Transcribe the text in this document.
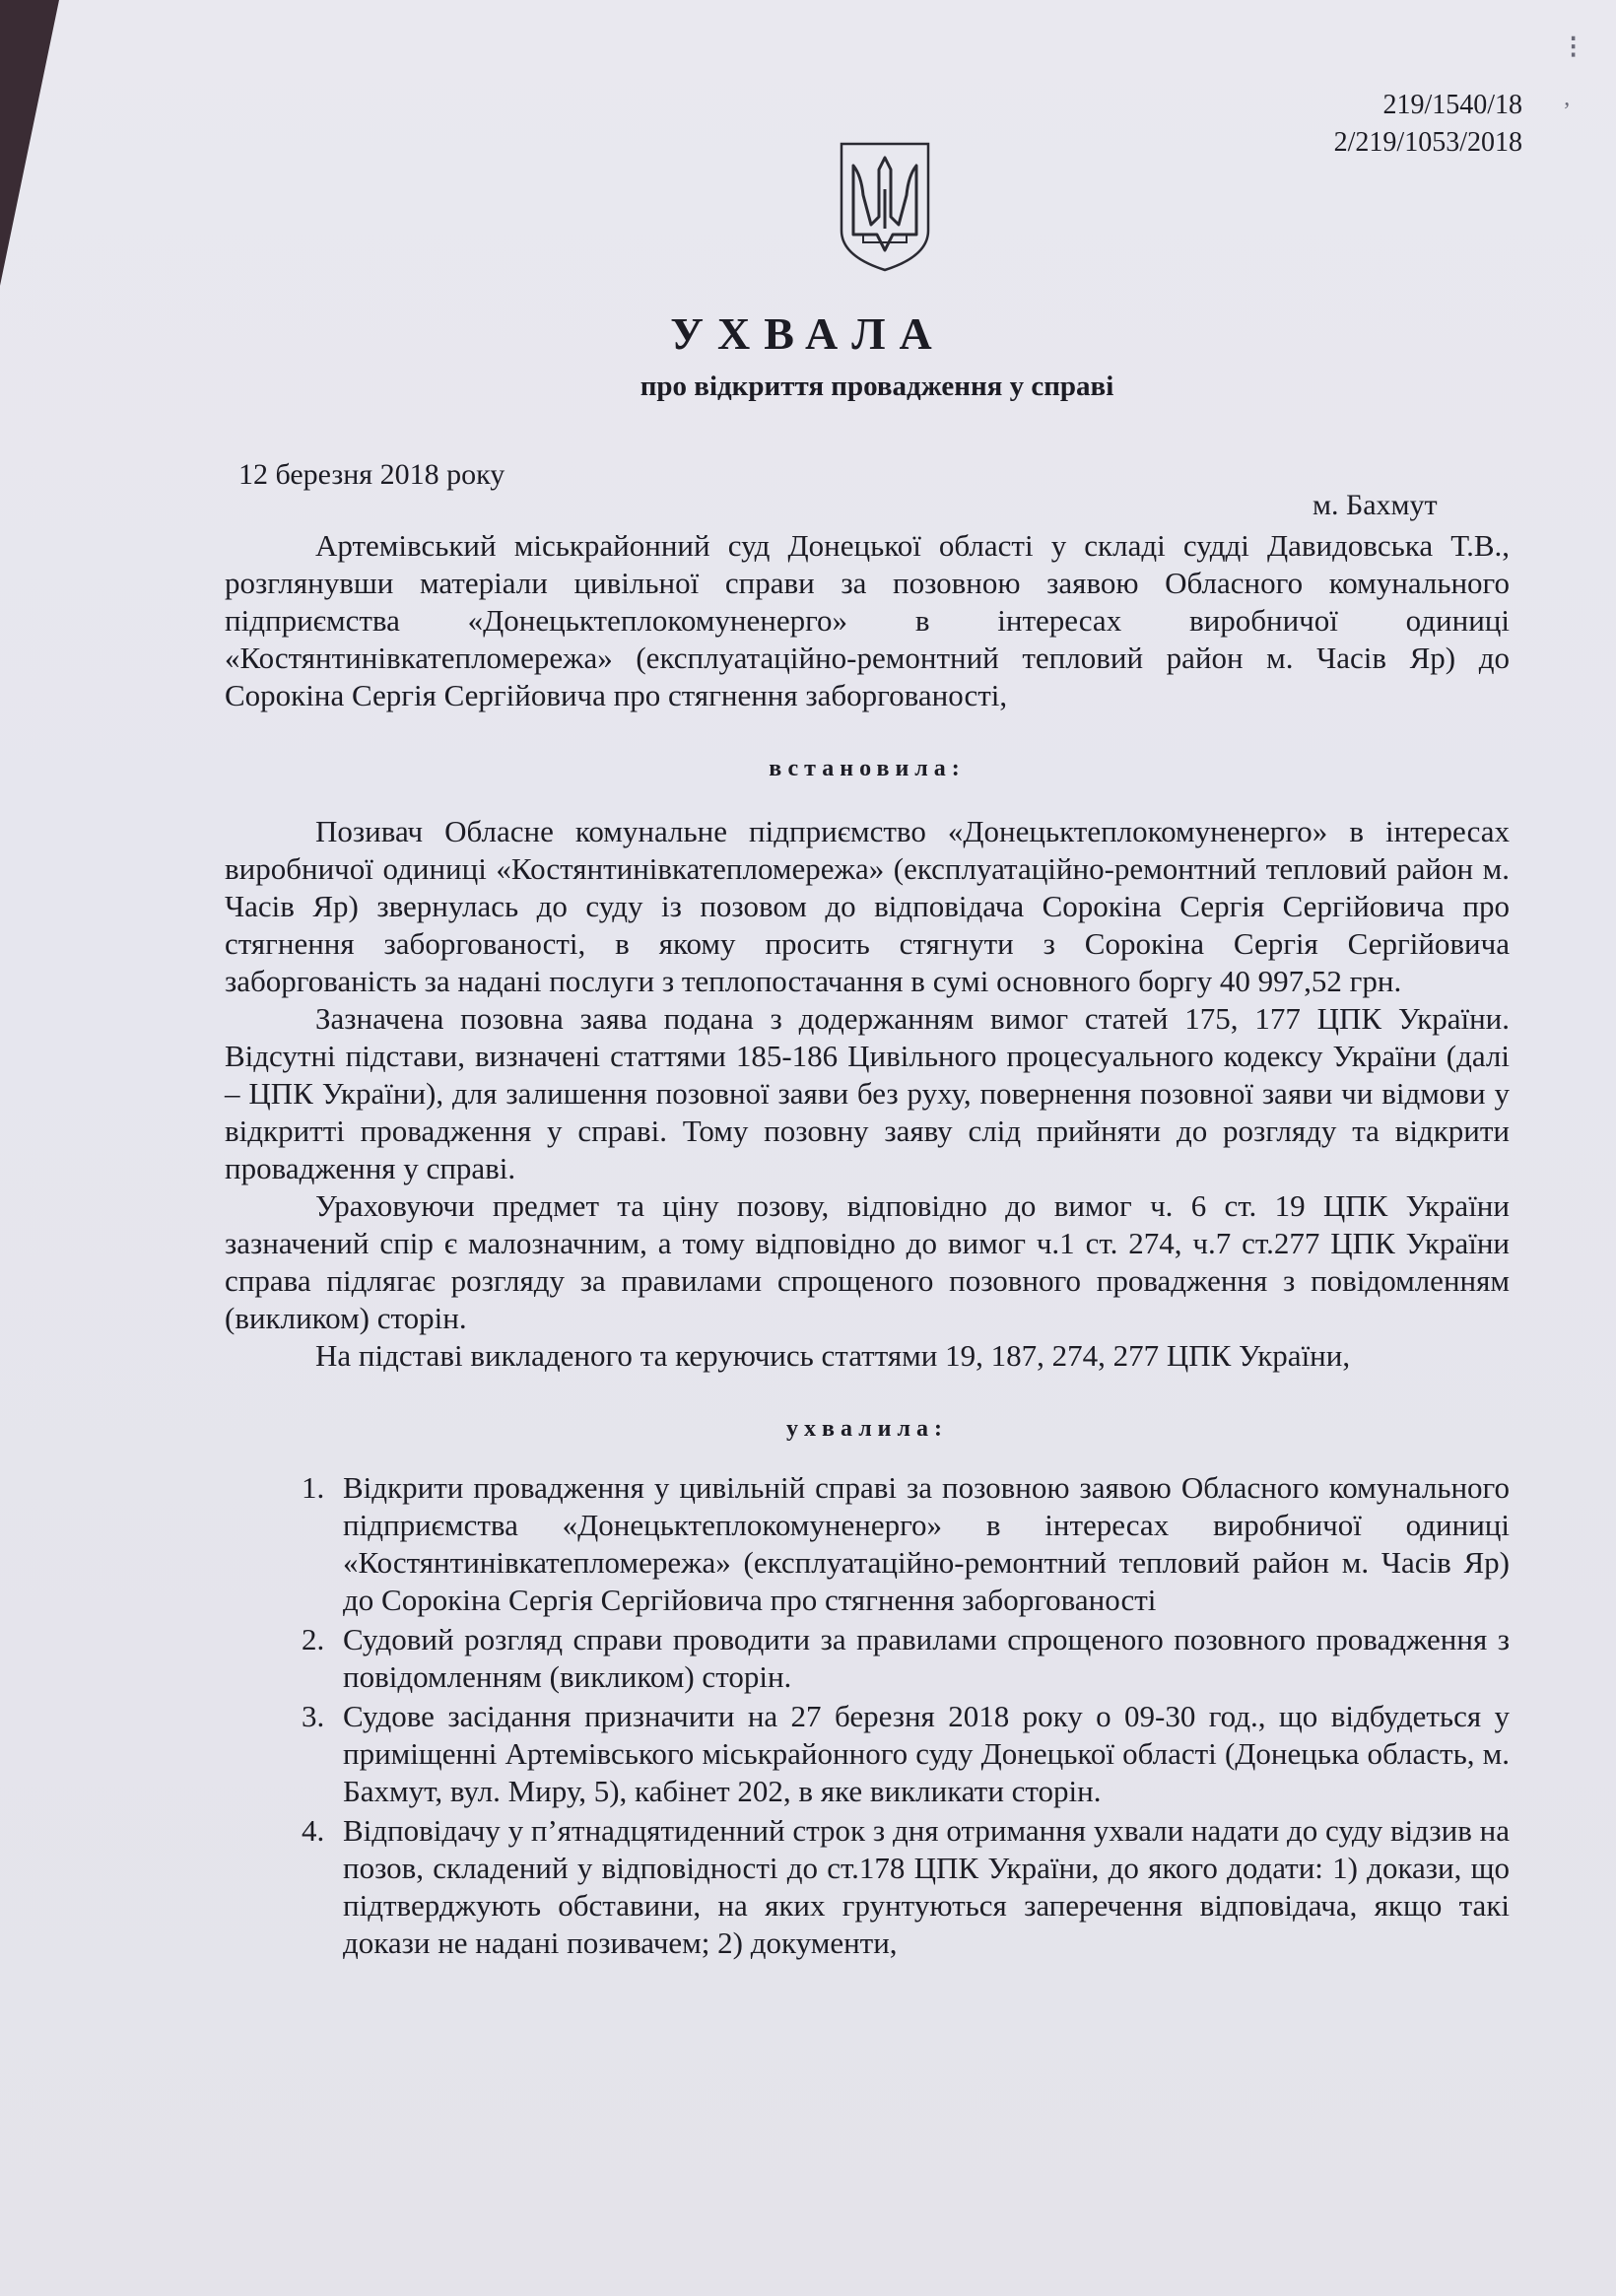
⁝
ʼ
219/1540/18
2/219/1053/2018
УХВАЛА
про відкриття провадження у справі
12 березня 2018 року
м. Бахмут

Артемівський міськрайонний суд Донецької області у складі судді Давидовська Т.В., розглянувши матеріали цивільної справи за позовною заявою Обласного комунального підприємства «Донецьктеплокомуненерго» в інтересах виробничої одиниці «Костянтинівкатепломережа» (експлуатаційно-ремонтний тепловий район м. Часів Яр) до Сорокіна Сергія Сергійовича про стягнення заборгованості,

встановила:

Позивач Обласне комунальне підприємство «Донецьктеплокомуненерго» в інтересах виробничої одиниці «Костянтинівкатепломережа» (експлуатаційно-ремонтний тепловий район м. Часів Яр) звернулась до суду із позовом до відповідача Сорокіна Сергія Сергійовича про стягнення заборгованості, в якому просить стягнути з Сорокіна Сергія Сергійовича заборгованість за надані послуги з теплопостачання в сумі основного боргу 40 997,52 грн.

Зазначена позовна заява подана з додержанням вимог статей 175, 177 ЦПК України. Відсутні підстави, визначені статтями 185-186 Цивільного процесуального кодексу України (далі – ЦПК України), для залишення позовної заяви без руху, повернення позовної заяви чи відмови у відкритті провадження у справі. Тому позовну заяву слід прийняти до розгляду та відкрити провадження у справі.

Ураховуючи предмет та ціну позову, відповідно до вимог ч. 6 ст. 19 ЦПК України зазначений спір є малозначним, а тому відповідно до вимог ч.1 ст. 274, ч.7 ст.277 ЦПК України справа підлягає розгляду за правилами спрощеного позовного провадження з повідомленням (викликом) сторін.

На підставі викладеного та керуючись статтями 19, 187, 274, 277 ЦПК України,

ухвалила:

1. Відкрити провадження у цивільній справі за позовною заявою Обласного комунального підприємства «Донецьктеплокомуненерго» в інтересах виробничої одиниці «Костянтинівкатепломережа» (експлуатаційно-ремонтний тепловий район м. Часів Яр) до Сорокіна Сергія Сергійовича про стягнення заборгованості
2. Судовий розгляд справи проводити за правилами спрощеного позовного провадження з повідомленням (викликом) сторін.
3. Судове засідання призначити на 27 березня 2018 року о 09-30 год., що відбудеться у приміщенні Артемівського міськрайонного суду Донецької області (Донецька область, м. Бахмут, вул. Миру, 5), кабінет 202, в яке викликати сторін.
4. Відповідачу у п’ятнадцятиденний строк з дня отримання ухвали надати до суду відзив на позов, складений у відповідності до ст.178 ЦПК України, до якого додати: 1) докази, що підтверджують обставини, на яких грунтуються заперечення відповідача, якщо такі докази не надані позивачем; 2) документи,
